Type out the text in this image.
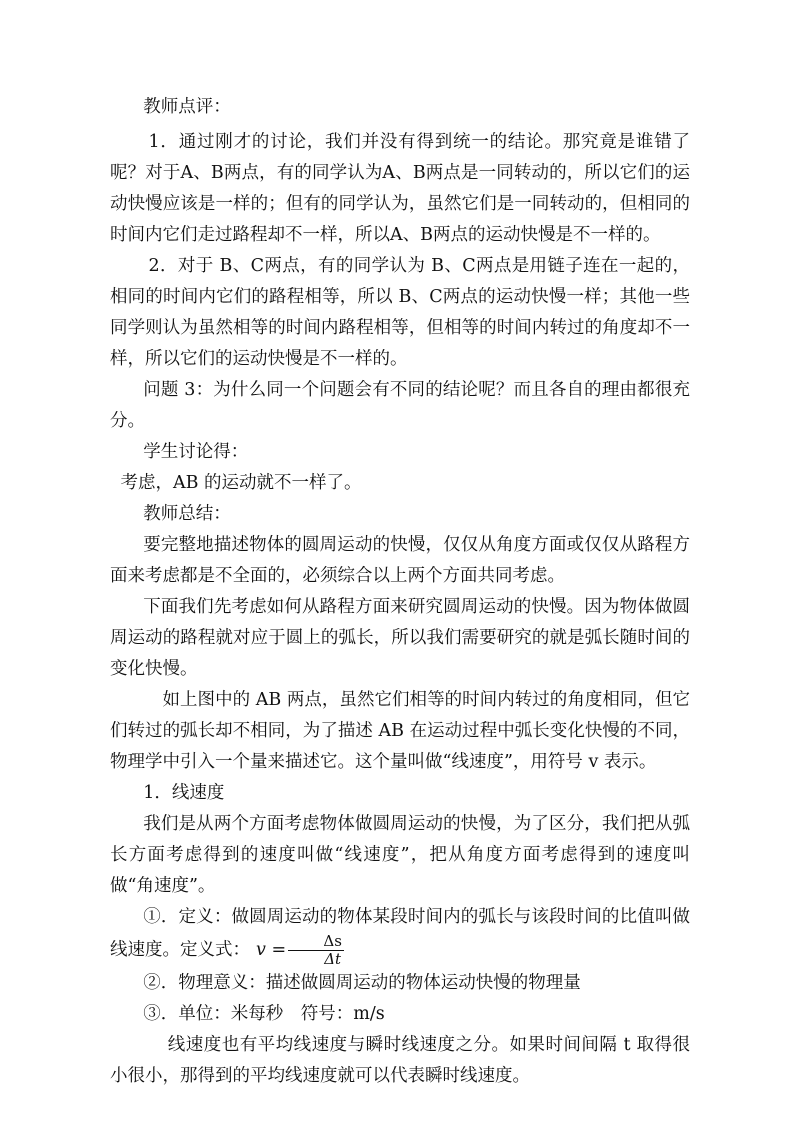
教师点评：

1．通过刚才的讨论，我们并没有得到统一的结论。那究竟是谁错了呢？对于A、B两点，有的同学认为A、B两点是一同转动的，所以它们的运动快慢应该是一样的；但有的同学认为，虽然它们是一同转动的，但相同的时间内它们走过路程却不一样，所以A、B两点的运动快慢是不一样的。

2．对于 B、C两点，有的同学认为 B、C两点是用链子连在一起的，相同的时间内它们的路程相等，所以 B、C两点的运动快慢一样；其他一些同学则认为虽然相等的时间内路程相等，但相等的时间内转过的角度却不一样，所以它们的运动快慢是不一样的。

问题 3：为什么同一个问题会有不同的结论呢？而且各自的理由都很充分。

学生讨论得：

考虑，AB 的运动就不一样了。

教师总结：

要完整地描述物体的圆周运动的快慢，仅仅从角度方面或仅仅从路程方面来考虑都是不全面的，必须综合以上两个方面共同考虑。

下面我们先考虑如何从路程方面来研究圆周运动的快慢。因为物体做圆周运动的路程就对应于圆上的弧长，所以我们需要研究的就是弧长随时间的变化快慢。

如上图中的 AB 两点，虽然它们相等的时间内转过的角度相同，但它们转过的弧长却不相同，为了描述 AB 在运动过程中弧长变化快慢的不同，物理学中引入一个量来描述它。这个量叫做“线速度”，用符号 v 表示。

1．线速度

我们是从两个方面考虑物体做圆周运动的快慢，为了区分，我们把从弧长方面考虑得到的速度叫做“线速度”，把从角度方面考虑得到的速度叫做“角速度”。

①．定义：做圆周运动的物体某段时间内的弧长与该段时间的比值叫做线速度。定义式： $v = \frac{\Delta s}{\Delta t}$

②．物理意义：描述做圆周运动的物体运动快慢的物理量

③．单位：米每秒　符号：m/s

线速度也有平均线速度与瞬时线速度之分。如果时间间隔 t 取得很小很小，那得到的平均线速度就可以代表瞬时线速度。
